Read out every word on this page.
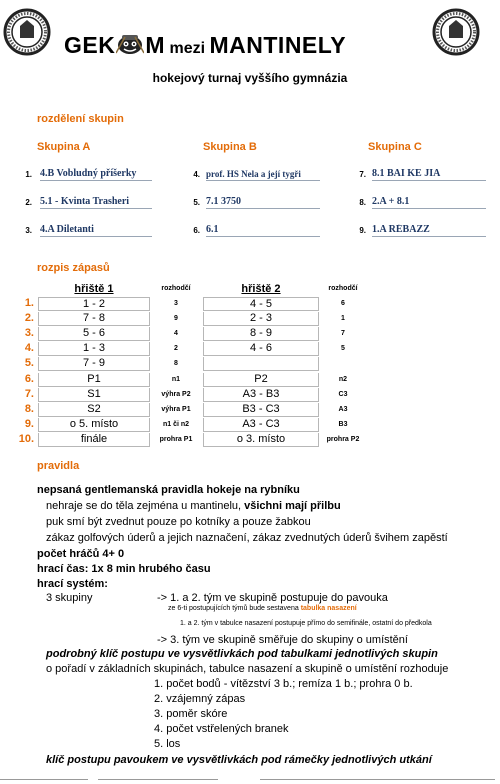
GEK M mezi MANTINELY
hokejový turnaj vyššího gymnázia
rozdělení skupin
Skupina A	Skupina B	Skupina C
1. 4.B Vobludný příšerky
2. 5.1 - Kvinta Trasheri
3. 4.A Diletanti
4. prof. HS Nela a její tygři
5. 7.1 3750
6. 6.1
7. 8.1 BAI KE JIA
8. 2.A + 8.1
9. 1.A RÉBAZZ
rozpis zápasů
hřiště 1	rozhodčí	hřiště 2	rozhodčí
1.	1 - 2	3	4 - 5	6
2.	7 - 8	9	2 - 3	1
3.	5 - 6	4	8 - 9	7
4.	1 - 3	2	4 - 6	5
5.	7 - 9	8
6.	P1	n1	P2	n2
7.	S1	výhra P2	A3 - B3	C3
8.	S2	výhra P1	B3 - C3	A3
9.	o 5. místo	n1 či n2	A3 - C3	B3
10.	finále	prohra P1	o 3. místo	prohra P2
pravidla
nepsaná gentlemanská pravidla hokeje na rybníku
nehraje se do těla zejména u mantinelu, všichni mají přilbu
puk smí být zvednut pouze po kotníky a pouze žabkou
zákaz golfových úderů a jejich naznačení, zákaz zvednutých úderů švihem zapěstí
počet hráčů 4+ 0
hrací čas: 1x 8 min hrubého času
hrací systém:
3 skupiny	-> 1. a 2. tým ve skupině postupuje do pavouka
ze 6-ti postupujících týmů bude sestavena tabulka nasazení
1. a 2. tým v tabulce nasazení postupuje přímo do semifinále, ostatní do předkola
-> 3. tým ve skupině směřuje do skupiny o umístění
podrobný klíč postupu ve vysvětlivkách pod tabulkami jednotlivých skupin
o pořadí v základních skupinách, tabulce nasazení a skupině o umístění rozhoduje
1. počet bodů - vítězství 3 b.; remíza 1 b.; prohra 0 b.
2. vzájemný zápas
3. poměr skóre
4. počet vstřelených branek
5. los
klíč postupu pavoukem ve vysvětlivkách pod rámečky jednotlivých utkání
